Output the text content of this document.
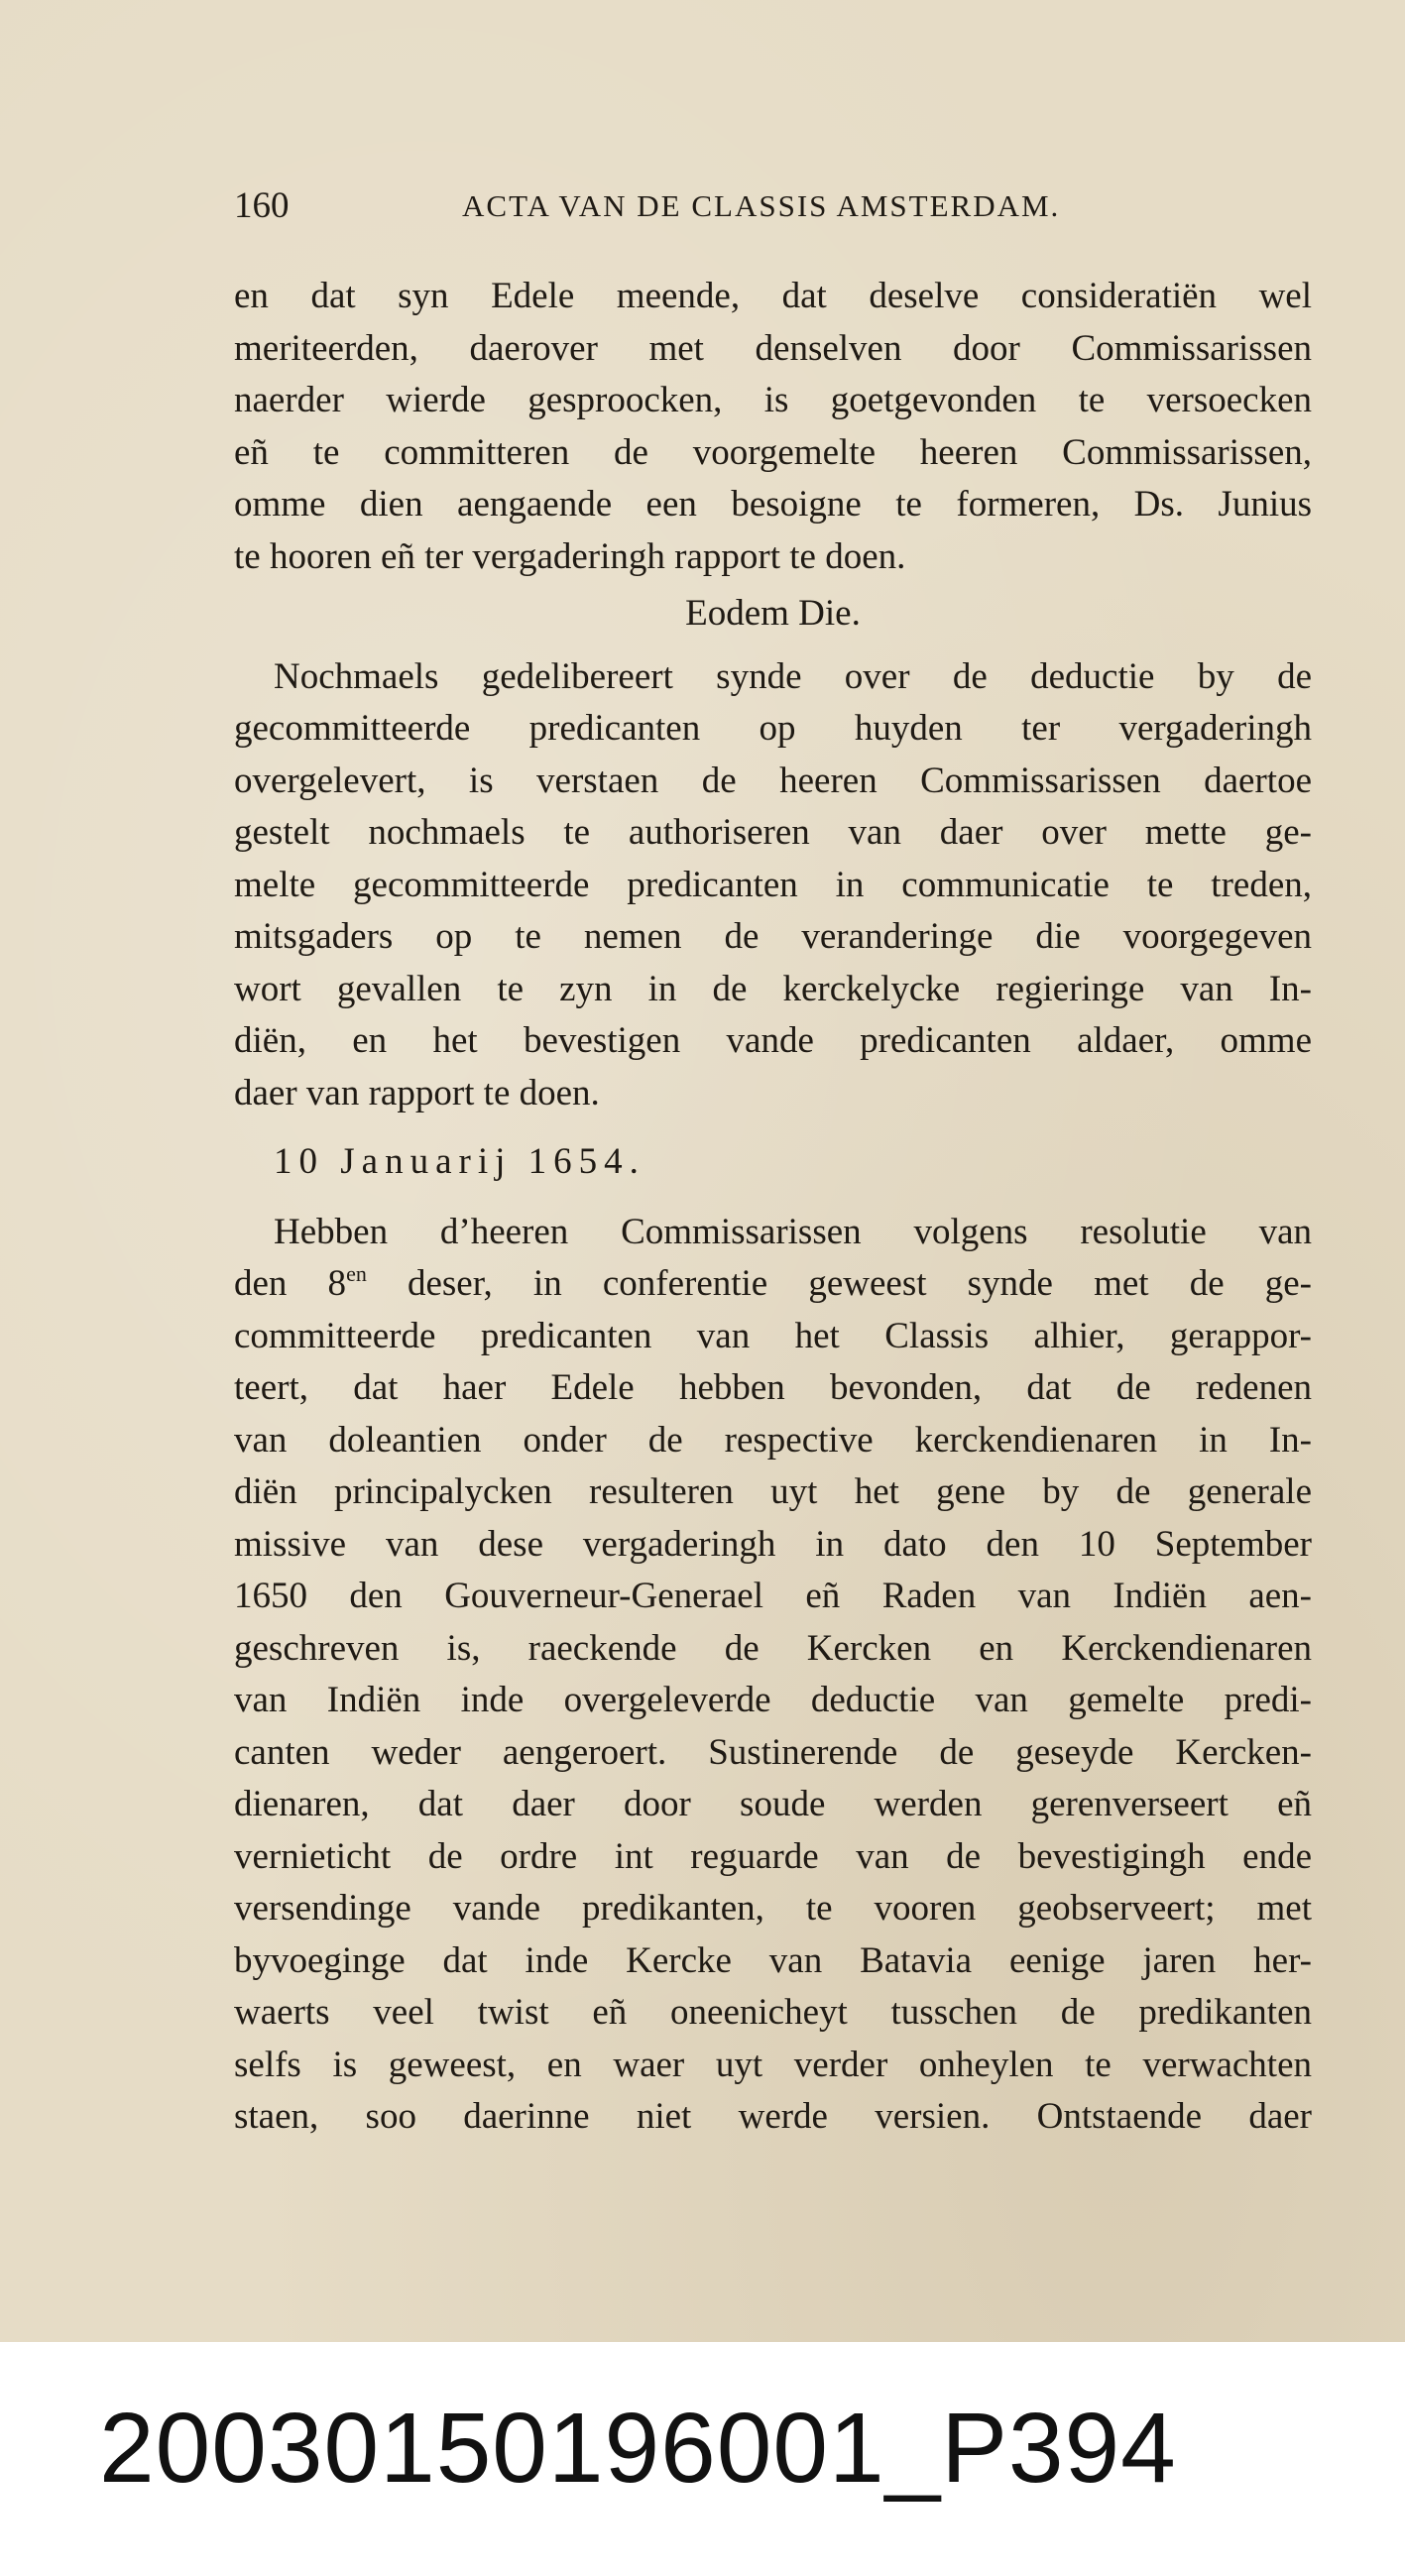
160	ACTA VAN DE CLASSIS AMSTERDAM.
en dat syn Edele meende, dat deselve consideratiën wel
meriteerden, daerover met denselven door Commissarissen
naerder wierde gesproocken, is goetgevonden te versoecken
eñ te committeren de voorgemelte heeren Commissarissen,
omme dien aengaende een besoigne te formeren, Ds. Junius
te hooren eñ ter vergaderingh rapport te doen.
Eodem Die.
Nochmaels gedelibereert synde over de deductie by de
gecommitteerde predicanten op huyden ter vergaderingh
overgelevert, is verstaen de heeren Commissarissen daertoe
gestelt nochmaels te authoriseren van daer over mette ge-
melte gecommitteerde predicanten in communicatie te treden,
mitsgaders op te nemen de veranderinge die voorgegeven
wort gevallen te zyn in de kerckelycke regieringe van In-
diën, en het bevestigen vande predicanten aldaer, omme
daer van rapport te doen.
10 Januarij 1654.
Hebben d’heeren Commissarissen volgens resolutie van
den $8^{en}$ deser, in conferentie geweest synde met de ge-
committeerde predicanten van het Classis alhier, gerappor-
teert, dat haer Edele hebben bevonden, dat de redenen
van doleantien onder de respective kerckendienaren in In-
diën principalycken resulteren uyt het gene by de generale
missive van dese vergaderingh in dato den 10 September
1650 den Gouverneur-Generael eñ Raden van Indiën aen-
geschreven is, raeckende de Kercken en Kerckendienaren
van Indiën inde overgeleverde deductie van gemelte predi-
canten weder aengeroert. Sustinerende de geseyde Kercken-
dienaren, dat daer door soude werden gerenverseert eñ
vernieticht de ordre int reguarde van de bevestigingh ende
versendinge vande predikanten, te vooren geobserveert; met
byvoeginge dat inde Kercke van Batavia eenige jaren her-
waerts veel twist eñ oneenicheyt tusschen de predikanten
selfs is geweest, en waer uyt verder onheylen te verwachten
staen, soo daerinne niet werde versien. Ontstaende daer
20030150196001_P394
